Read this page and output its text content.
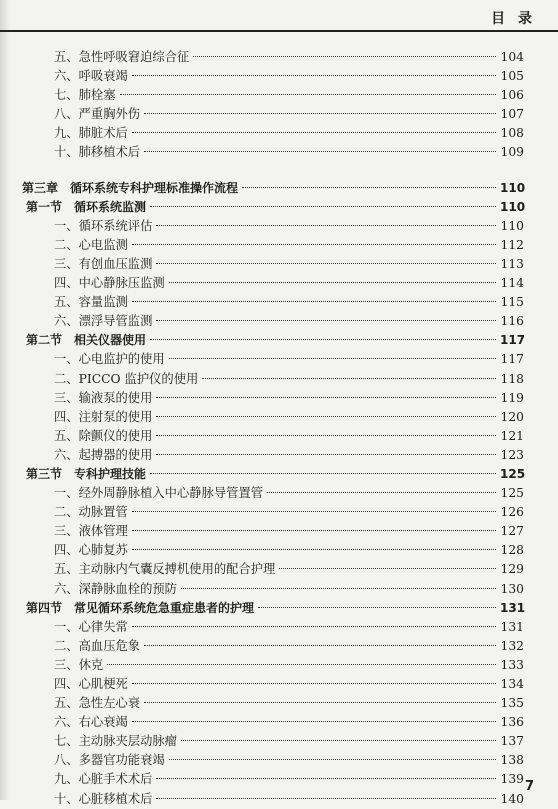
目 录
五、急性呼吸窘迫综合征	104
六、呼吸衰竭	105
七、肺栓塞	106
八、严重胸外伤	107
九、肺脏术后	108
十、肺移植术后	109
第三章　循环系统专科护理标准操作流程	110
第一节　循环系统监测	110
一、循环系统评估	110
二、心电监测	112
三、有创血压监测	113
四、中心静脉压监测	114
五、容量监测	115
六、漂浮导管监测	116
第二节　相关仪器使用	117
一、心电监护的使用	117
二、PICCO 监护仪的使用	118
三、输液泵的使用	119
四、注射泵的使用	120
五、除颤仪的使用	121
六、起搏器的使用	123
第三节　专科护理技能	125
一、经外周静脉植入中心静脉导管置管	125
二、动脉置管	126
三、液体管理	127
四、心肺复苏	128
五、主动脉内气囊反搏机使用的配合护理	129
六、深静脉血栓的预防	130
第四节　常见循环系统危急重症患者的护理	131
一、心律失常	131
二、高血压危象	132
三、休克	133
四、心肌梗死	134
五、急性左心衰	135
六、右心衰竭	136
七、主动脉夹层动脉瘤	137
八、多器官功能衰竭	138
九、心脏手术术后	139
十、心脏移植术后	140
7
